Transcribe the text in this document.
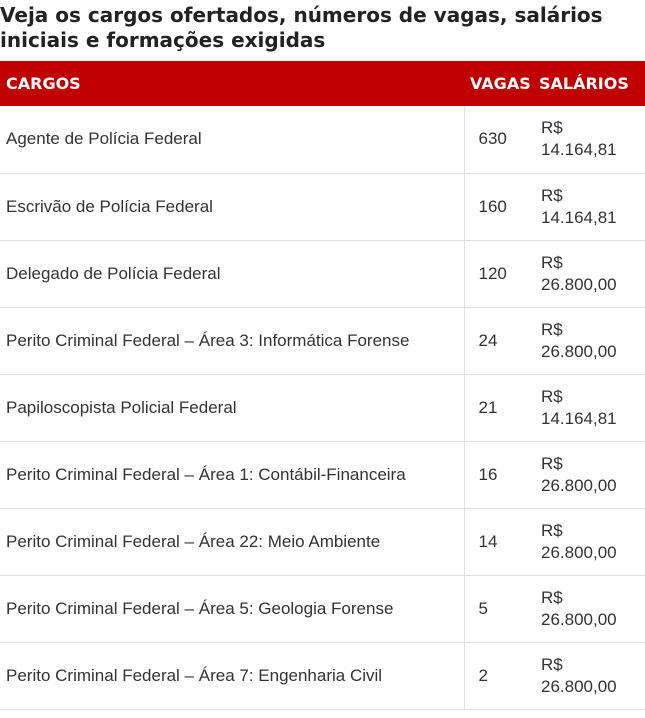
Veja os cargos ofertados, números de vagas, salários
iniciais e formações exigidas
CARGOS	VAGAS	SALÁRIOS
Agente de Polícia Federal	630	R$
14.164,81

Escrivão de Polícia Federal	160	R$
14.164,81

Delegado de Polícia Federal	120	R$
26.800,00

Perito Criminal Federal – Área 3: Informática Forense	24	R$
26.800,00

Papiloscopista Policial Federal	21	R$
14.164,81

Perito Criminal Federal – Área 1: Contábil-Financeira	16	R$
26.800,00

Perito Criminal Federal – Área 22: Meio Ambiente	14	R$
26.800,00

Perito Criminal Federal – Área 5: Geologia Forense	5	R$
26.800,00

Perito Criminal Federal – Área 7: Engenharia Civil	2	R$
26.800,00
